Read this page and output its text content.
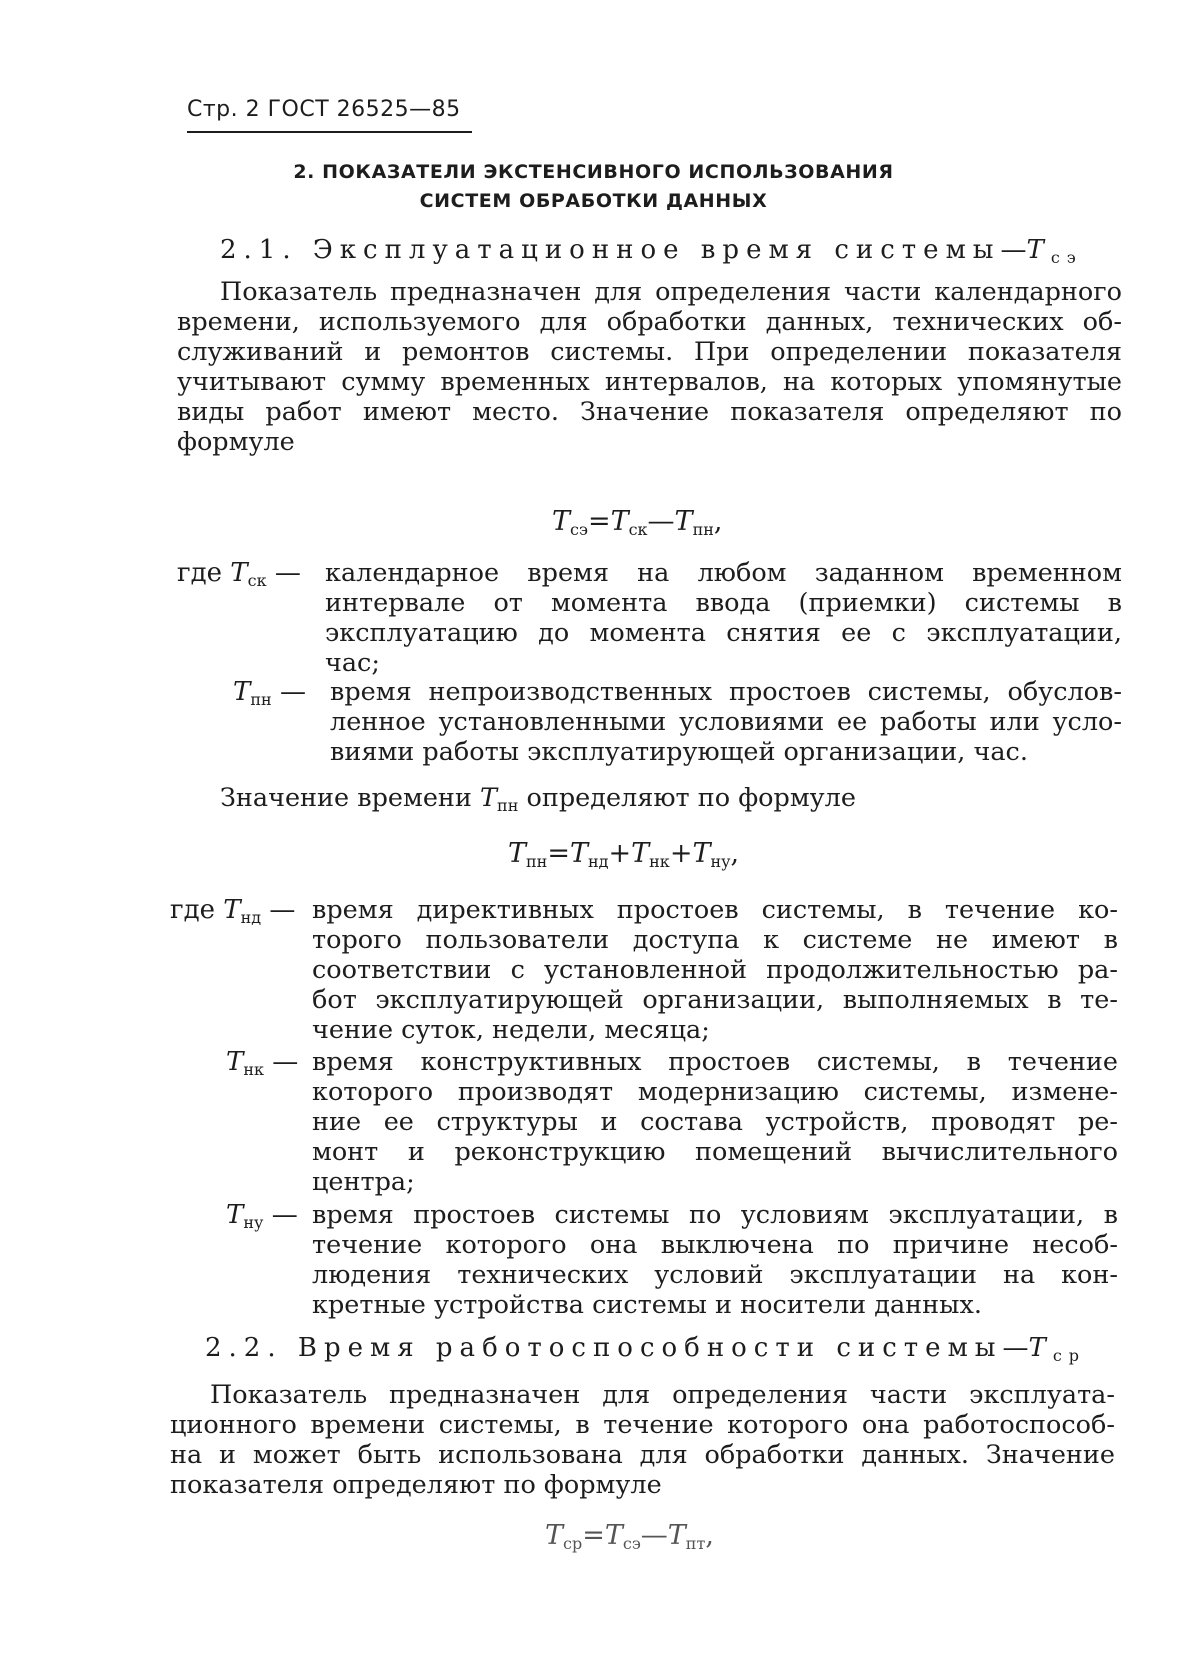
Стр. 2 ГОСТ 26525—85
2. ПОКАЗАТЕЛИ ЭКСТЕНСИВНОГО ИСПОЛЬЗОВАНИЯ
СИСТЕМ ОБРАБОТКИ ДАННЫХ
2.1. Эксплуатационное время $системы—T_{сэ}$
Показатель предназначен для определения части календарного
времени, используемого для обработки данных, технических об-
служиваний и ремонтов системы. При определении показателя
учитывают сумму временных интервалов, на которых упомянутые
виды работ имеют место. Значение показателя определяют по
формуле
$T_{сэ}=T_{ск}—T_{пн}$,
где $T_{ск}$ — календарное время на любом заданном временном
интервале от момента ввода (приемки) системы в
эксплуатацию до момента снятия ее с эксплуатации,
час;
$T_{пн}$ — время непроизводственных простоев системы, обуслов-
ленное установленными условиями ее работы или усло-
виями работы эксплуатирующей организации, час.
Значение времени $T_{пн}$ определяют по формуле
$T_{пн}=T_{нд}+T_{нк}+T_{ну}$,
где $T_{нд}$ — время директивных простоев системы, в течение ко-
торого пользователи доступа к системе не имеют в
соответствии с установленной продолжительностью ра-
бот эксплуатирующей организации, выполняемых в те-
чение суток, недели, месяца;
$T_{нк}$ — время конструктивных простоев системы, в течение
которого производят модернизацию системы, измене-
ние ее структуры и состава устройств, проводят ре-
монт и реконструкцию помещений вычислительного
центра;
$T_{ну}$ — время простоев системы по условиям эксплуатации, в
течение которого она выключена по причине несоб-
людения технических условий эксплуатации на кон-
кретные устройства системы и носители данных.
2.2. Время работоспособности $системы—T_{ср}$
Показатель предназначен для определения части эксплуата-
ционного времени системы, в течение которого она работоспособ-
на и может быть использована для обработки данных. Значение
показателя определяют по формуле
$T_{ср}=T_{сэ}—T_{пт}$,
